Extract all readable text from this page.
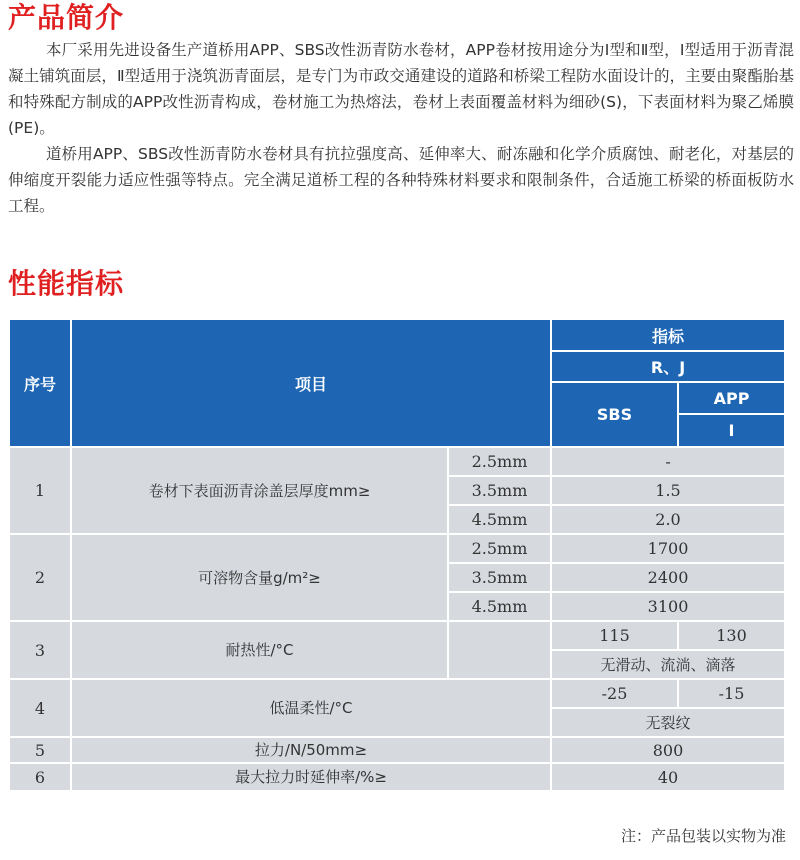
产品简介

本厂采用先进设备生产道桥用APP、SBS改性沥青防水卷材，APP卷材按用途分为Ⅰ型和Ⅱ型，Ⅰ型适用于沥青混凝土铺筑面层，Ⅱ型适用于浇筑沥青面层，是专门为市政交通建设的道路和桥梁工程防水面设计的，主要由聚酯胎基和特殊配方制成的APP改性沥青构成，卷材施工为热熔法，卷材上表面覆盖材料为细砂(S)，下表面材料为聚乙烯膜(PE)。

道桥用APP、SBS改性沥青防水卷材具有抗拉强度高、延伸率大、耐冻融和化学介质腐蚀、耐老化，对基层的伸缩度开裂能力适应性强等特点。完全满足道桥工程的各种特殊材料要求和限制条件，合适施工桥梁的桥面板防水工程。

性能指标
序号	项目		指标		
			R、J		
			SBS	APP	
				Ⅰ	
1	卷材下表面沥青涂盖层厚度mm≥	2.5mm	-		
		3.5mm	1.5		
		4.5mm	2.0		
2	可溶物含量g/m²≥	2.5mm	1700		
		3.5mm	2400		
		4.5mm	3100		
3	耐热性/°C		115	130	
			无滑动、流淌、滴落		
4	低温柔性/°C		-25	-15	
			无裂纹		
5	拉力/N/50mm≥		800		
6	最大拉力时延伸率/%≥		40		
注：产品包装以实物为准
